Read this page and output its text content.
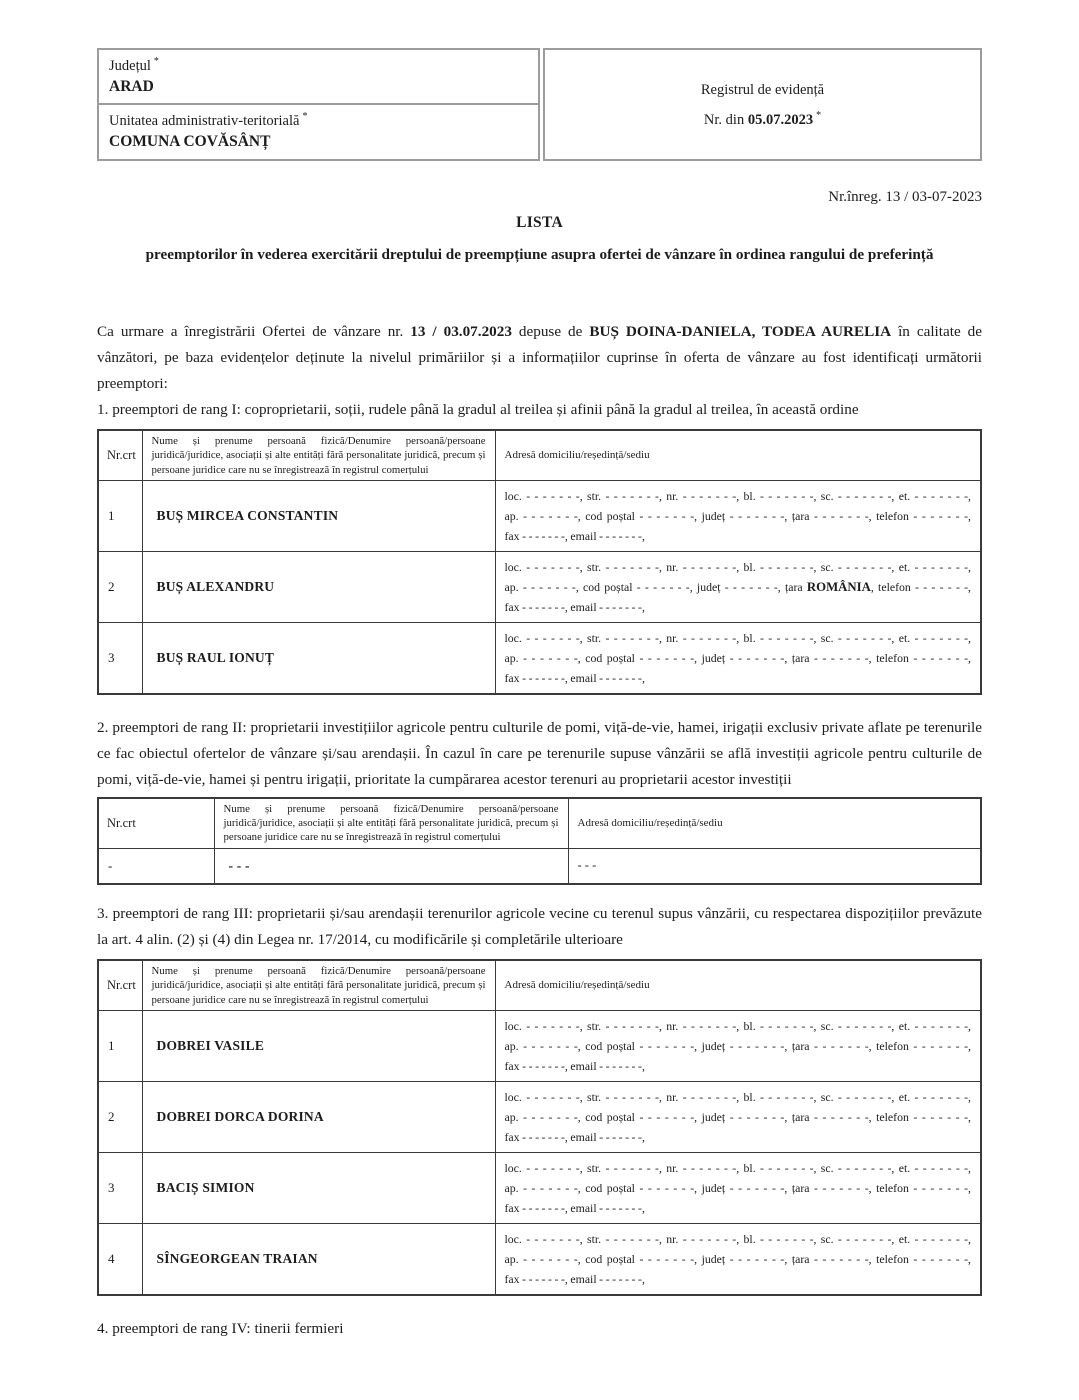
Județul *
ARAD
Unitatea administrativ-teritorială *
COMUNA COVĂSÂNȚ
Registrul de evidență
Nr. din 05.07.2023 *
Nr.înreg. 13 / 03-07-2023
LISTA
preemptorilor în vederea exercitării dreptului de preempțiune asupra ofertei de vânzare în ordinea rangului de preferință

Ca urmare a înregistrării Ofertei de vânzare nr. 13 / 03.07.2023 depuse de BUȘ DOINA-DANIELA, TODEA AURELIA în calitate de vânzători, pe baza evidențelor deținute la nivelul primăriilor și a informațiilor cuprinse în oferta de vânzare au fost identificați următorii preemptori:

1. preemptori de rang I: coproprietarii, soții, rudele până la gradul al treilea și afinii până la gradul al treilea, în această ordine
Nr.crt	Nume și prenume persoană fizică/Denumire persoană/persoane juridică/juridice, asociații și alte entități fără personalitate juridică, precum și persoane juridice care nu se înregistrează în registrul comerțului	Adresă domiciliu/reședință/sediu
1	BUȘ MIRCEA CONSTANTIN	loc. - - - - - - -, str. - - - - - - -, nr. - - - - - - -, bl. - - - - - - -, sc. - - - - - - -, et. - - - - - - -,
ap. - - - - - - -, cod poștal - - - - - - -, județ - - - - - - -, țara - - - - - - -, telefon - - - - - - -,
fax - - - - - - -, email - - - - - - -,

2	BUȘ ALEXANDRU	loc. - - - - - - -, str. - - - - - - -, nr. - - - - - - -, bl. - - - - - - -, sc. - - - - - - -, et. - - - - - - -,
ap. - - - - - - -, cod poștal - - - - - - -, județ - - - - - - -, țara ROMÂNIA, telefon - - - - - - -,
fax - - - - - - -, email - - - - - - -,

3	BUȘ RAUL IONUȚ	loc. - - - - - - -, str. - - - - - - -, nr. - - - - - - -, bl. - - - - - - -, sc. - - - - - - -, et. - - - - - - -,
ap. - - - - - - -, cod poștal - - - - - - -, județ - - - - - - -, țara - - - - - - -, telefon - - - - - - -,
fax - - - - - - -, email - - - - - - -,
2. preemptori de rang II: proprietarii investițiilor agricole pentru culturile de pomi, viță-de-vie, hamei, irigații exclusiv private aflate pe terenurile ce fac obiectul ofertelor de vânzare și/sau arendașii. În cazul în care pe terenurile supuse vânzării se află investiții agricole pentru culturile de pomi, viță-de-vie, hamei și pentru irigații, prioritate la cumpărarea acestor terenuri au proprietarii acestor investiții
Nr.crt	Nume și prenume persoană fizică/Denumire persoană/persoane juridică/juridice, asociații și alte entități fără personalitate juridică, precum și persoane juridice care nu se înregistrează în registrul comerțului	Adresă domiciliu/reședință/sediu
-	- - -	- - -
3. preemptori de rang III: proprietarii și/sau arendașii terenurilor agricole vecine cu terenul supus vânzării, cu respectarea dispozițiilor prevăzute la art. 4 alin. (2) și (4) din Legea nr. 17/2014, cu modificările și completările ulterioare
Nr.crt	Nume și prenume persoană fizică/Denumire persoană/persoane juridică/juridice, asociații și alte entități fără personalitate juridică, precum și persoane juridice care nu se înregistrează în registrul comerțului	Adresă domiciliu/reședință/sediu
1	DOBREI VASILE	loc. - - - - - - -, str. - - - - - - -, nr. - - - - - - -, bl. - - - - - - -, sc. - - - - - - -, et. - - - - - - -,
ap. - - - - - - -, cod poștal - - - - - - -, județ - - - - - - -, țara - - - - - - -, telefon - - - - - - -,
fax - - - - - - -, email - - - - - - -,

2	DOBREI DORCA DORINA	loc. - - - - - - -, str. - - - - - - -, nr. - - - - - - -, bl. - - - - - - -, sc. - - - - - - -, et. - - - - - - -,
ap. - - - - - - -, cod poștal - - - - - - -, județ - - - - - - -, țara - - - - - - -, telefon - - - - - - -,
fax - - - - - - -, email - - - - - - -,

3	BACIȘ SIMION	loc. - - - - - - -, str. - - - - - - -, nr. - - - - - - -, bl. - - - - - - -, sc. - - - - - - -, et. - - - - - - -,
ap. - - - - - - -, cod poștal - - - - - - -, județ - - - - - - -, țara - - - - - - -, telefon - - - - - - -,
fax - - - - - - -, email - - - - - - -,

4	SÎNGEORGEAN TRAIAN	loc. - - - - - - -, str. - - - - - - -, nr. - - - - - - -, bl. - - - - - - -, sc. - - - - - - -, et. - - - - - - -,
ap. - - - - - - -, cod poștal - - - - - - -, județ - - - - - - -, țara - - - - - - -, telefon - - - - - - -,
fax - - - - - - -, email - - - - - - -,
4. preemptori de rang IV: tinerii fermieri
